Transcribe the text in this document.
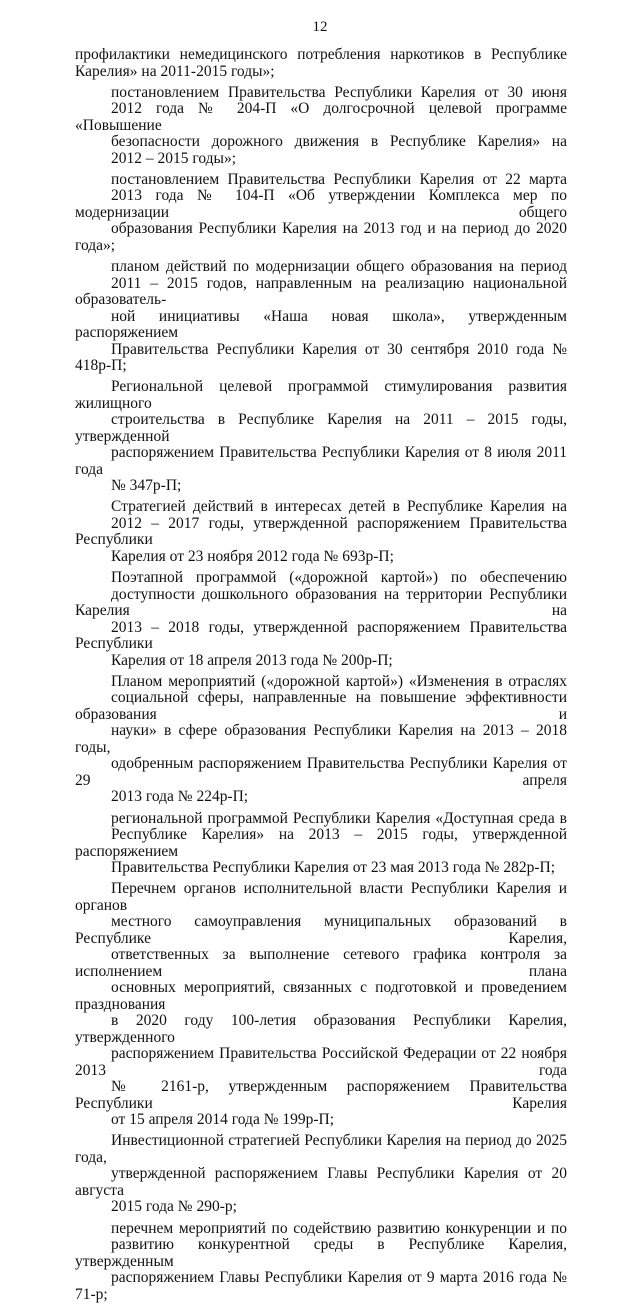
12
профилактики немедицинского потребления наркотиков в Республике
Карелия» на 2011-2015 годы»;
постановлением Правительства Республики Карелия от 30 июня
2012 года № 204-П «О долгосрочной целевой программе «Повышение
безопасности дорожного движения в Республике Карелия» на
2012 – 2015 годы»;
постановлением Правительства Республики Карелия от 22 марта
2013 года № 104-П «Об утверждении Комплекса мер по модернизации общего
образования Республики Карелия на 2013 год и на период до 2020 года»;
планом действий по модернизации общего образования на период
2011 – 2015 годов, направленным на реализацию национальной образователь-
ной инициативы «Наша новая школа», утвержденным распоряжением
Правительства Республики Карелия от 30 сентября 2010 года № 418р-П;
Региональной целевой программой стимулирования развития жилищного
строительства в Республике Карелия на 2011 – 2015 годы, утвержденной
распоряжением Правительства Республики Карелия от 8 июля 2011 года
№ 347р-П;
Стратегией действий в интересах детей в Республике Карелия на
2012 – 2017 годы, утвержденной распоряжением Правительства Республики
Карелия от 23 ноября 2012 года № 693р-П;
Поэтапной программой («дорожной картой») по обеспечению
доступности дошкольного образования на территории Республики Карелия на
2013 – 2018 годы, утвержденной распоряжением Правительства Республики
Карелия от 18 апреля 2013 года № 200р-П;
Планом мероприятий («дорожной картой») «Изменения в отраслях
социальной сферы, направленные на повышение эффективности образования и
науки» в сфере образования Республики Карелия на 2013 – 2018 годы,
одобренным распоряжением Правительства Республики Карелия от 29 апреля
2013 года № 224р-П;
региональной программой Республики Карелия «Доступная среда в
Республике Карелия» на 2013 – 2015 годы, утвержденной распоряжением
Правительства Республики Карелия от 23 мая 2013 года № 282р-П;
Перечнем органов исполнительной власти Республики Карелия и органов
местного самоуправления муниципальных образований в Республике Карелия,
ответственных за выполнение сетевого графика контроля за исполнением плана
основных мероприятий, связанных с подготовкой и проведением празднования
в 2020 году 100-летия образования Республики Карелия, утвержденного
распоряжением Правительства Российской Федерации от 22 ноября 2013 года
№ 2161-р, утвержденным распоряжением Правительства Республики Карелия
от 15 апреля 2014 года № 199р-П;
Инвестиционной стратегией Республики Карелия на период до 2025 года,
утвержденной распоряжением Главы Республики Карелия от 20 августа
2015 года № 290-р;
перечнем мероприятий по содействию развитию конкуренции и по
развитию конкурентной среды в Республике Карелия, утвержденным
распоряжением Главы Республики Карелия от 9 марта 2016 года № 71-р;
